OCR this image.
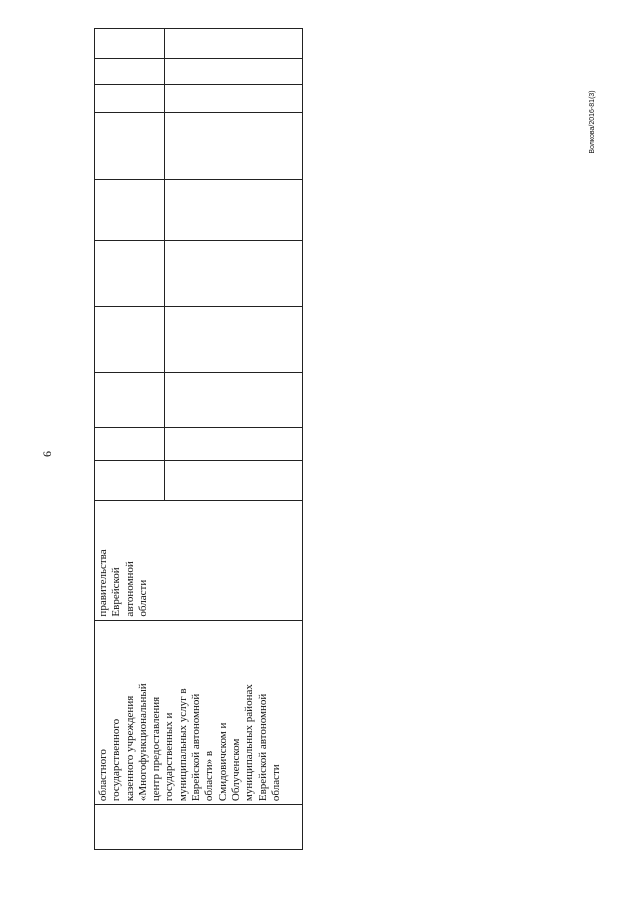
6
Волкова/2016-81(3)
областного
государственного
казенного учреждения
«Многофункциональный
центр предоставления
государственных и
муниципальных услуг в
Еврейской автономной
области» в
Смидовичском и
Облученском
муниципальных районах
Еврейской автономной
области
правительства
Еврейской
автономной
области
